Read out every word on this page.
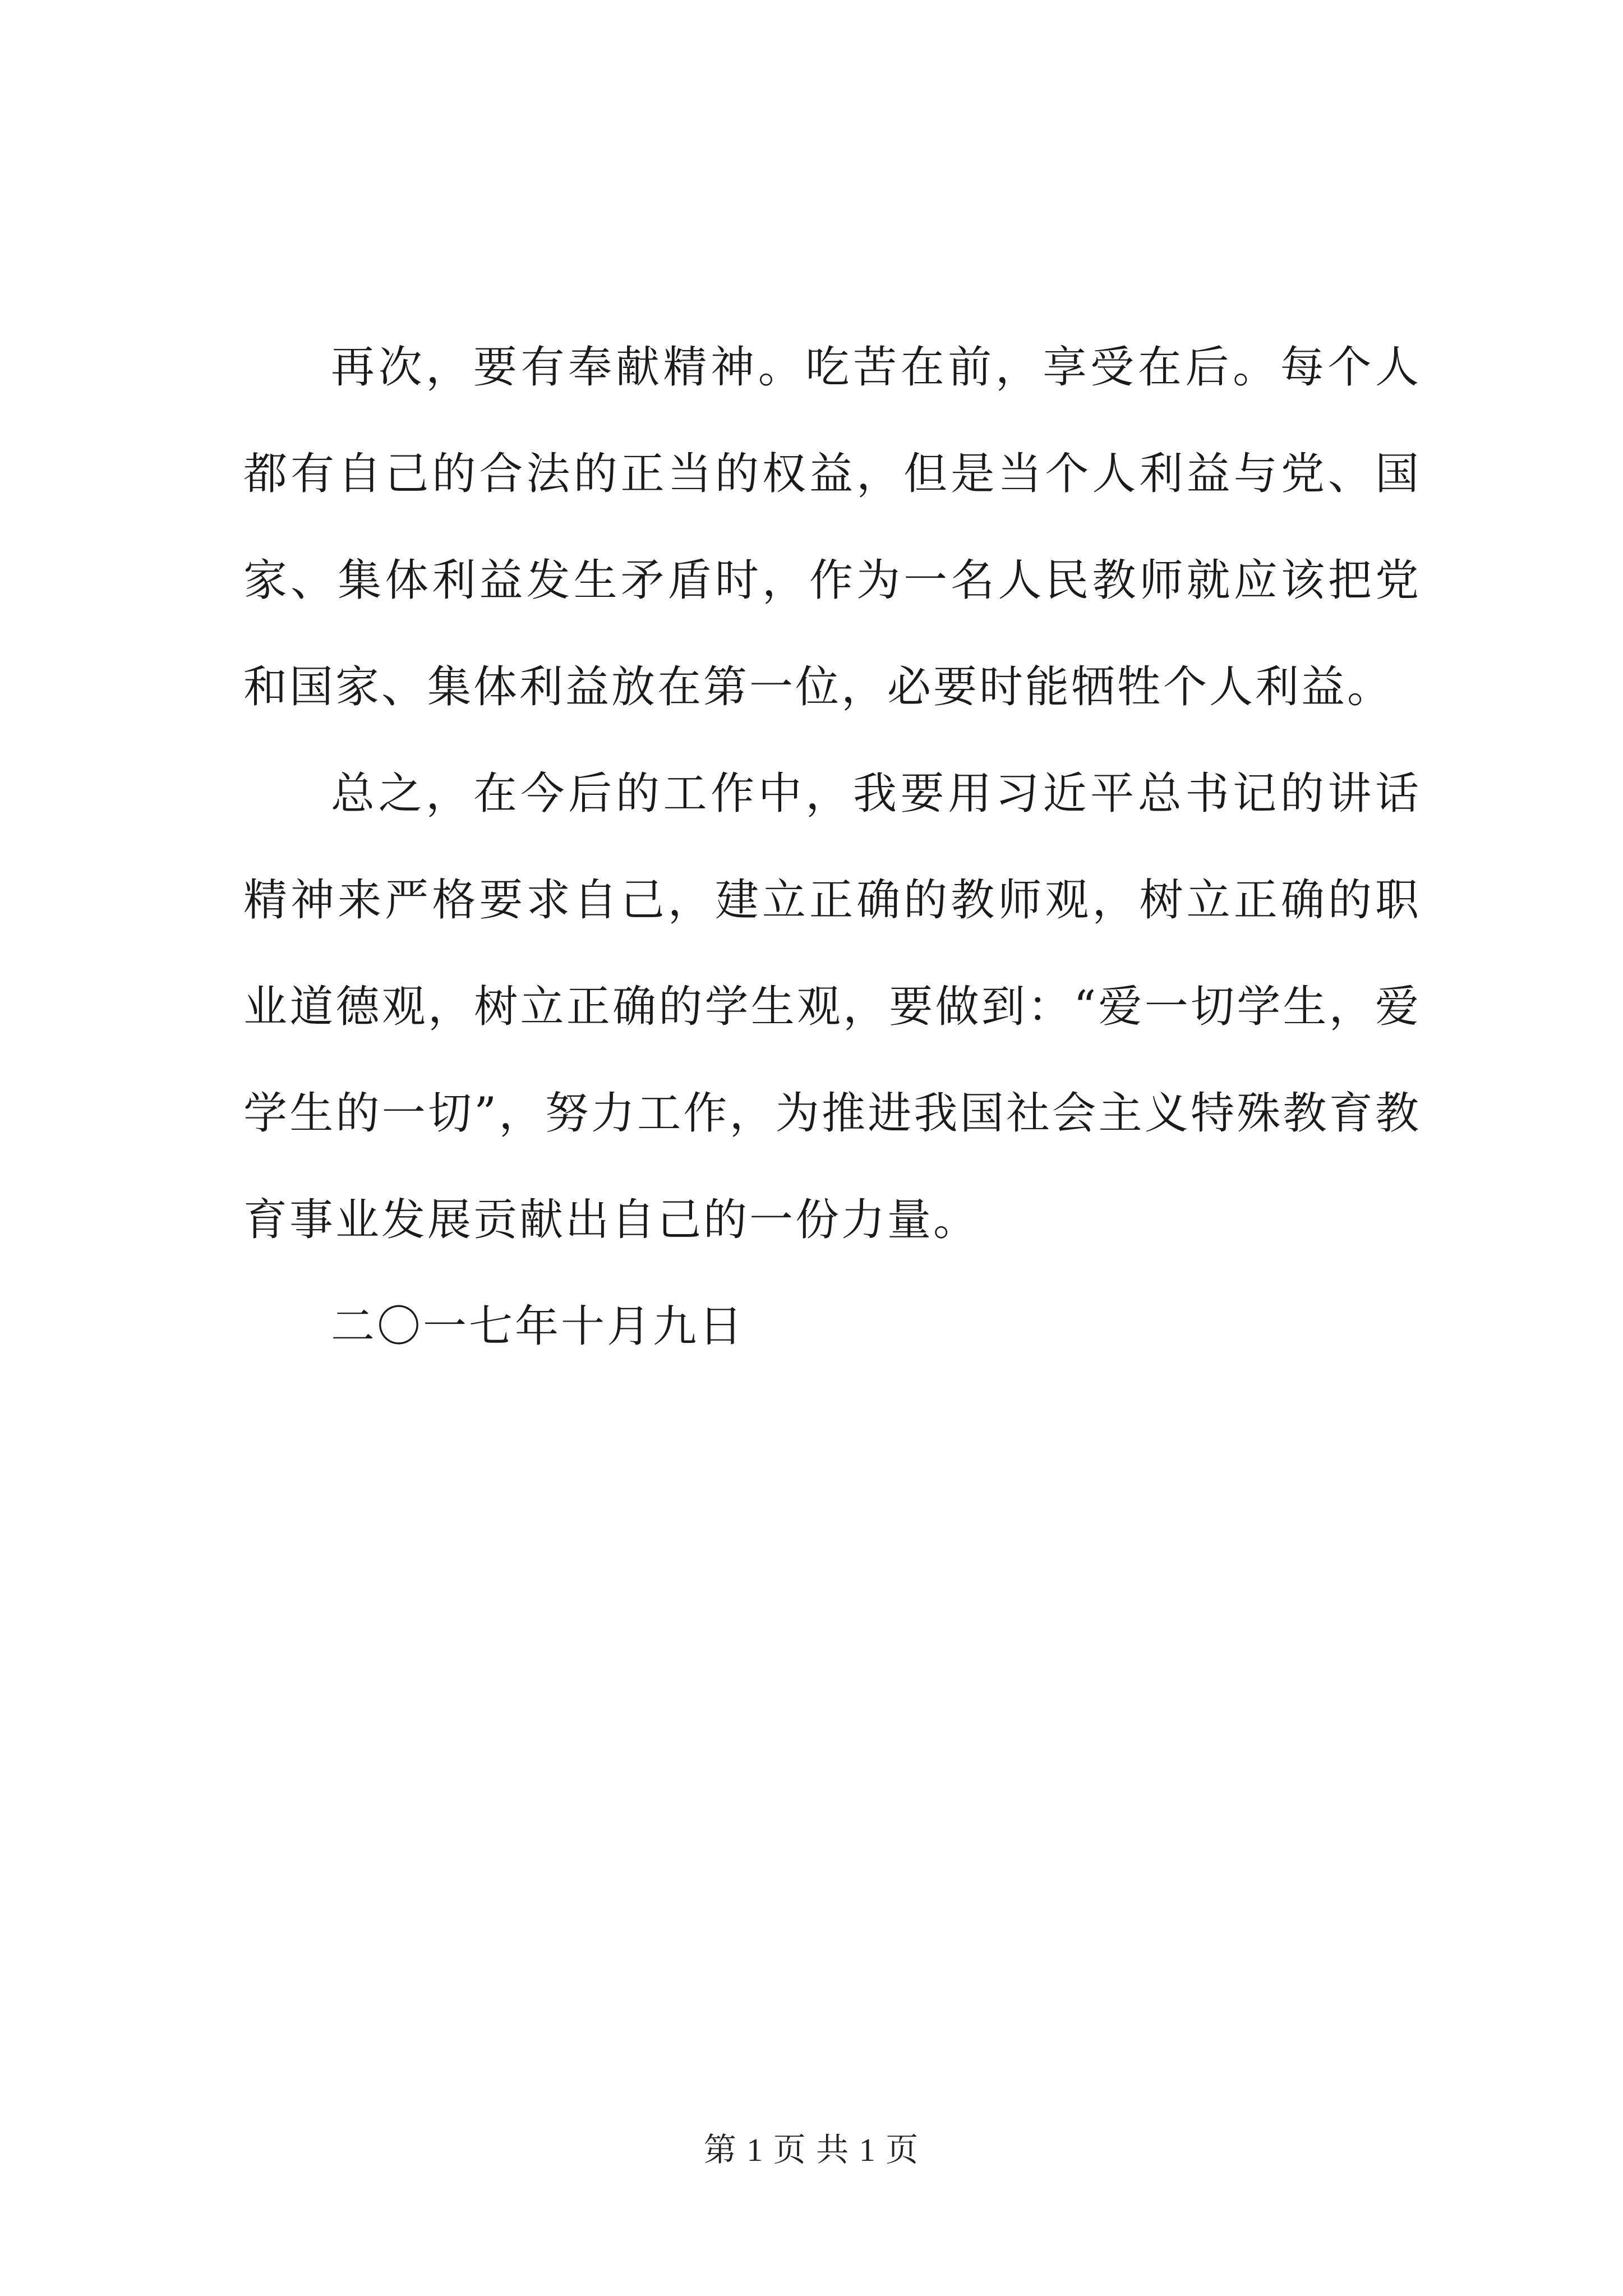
再次，要有奉献精神。吃苦在前，享受在后。每个人都有自己的合法的正当的权益，但是当个人利益与党、国家、集体利益发生矛盾时，作为一名人民教师就应该把党和国家、集体利益放在第一位，必要时能牺牲个人利益。

总之，在今后的工作中，我要用习近平总书记的讲话精神来严格要求自己，建立正确的教师观，树立正确的职业道德观，树立正确的学生观，要做到：“爱一切学生，爱学生的一切”，努力工作，为推进我国社会主义特殊教育教育事业发展贡献出自己的一份力量。

二〇一七年十月九日

第 1 页 共 1 页
